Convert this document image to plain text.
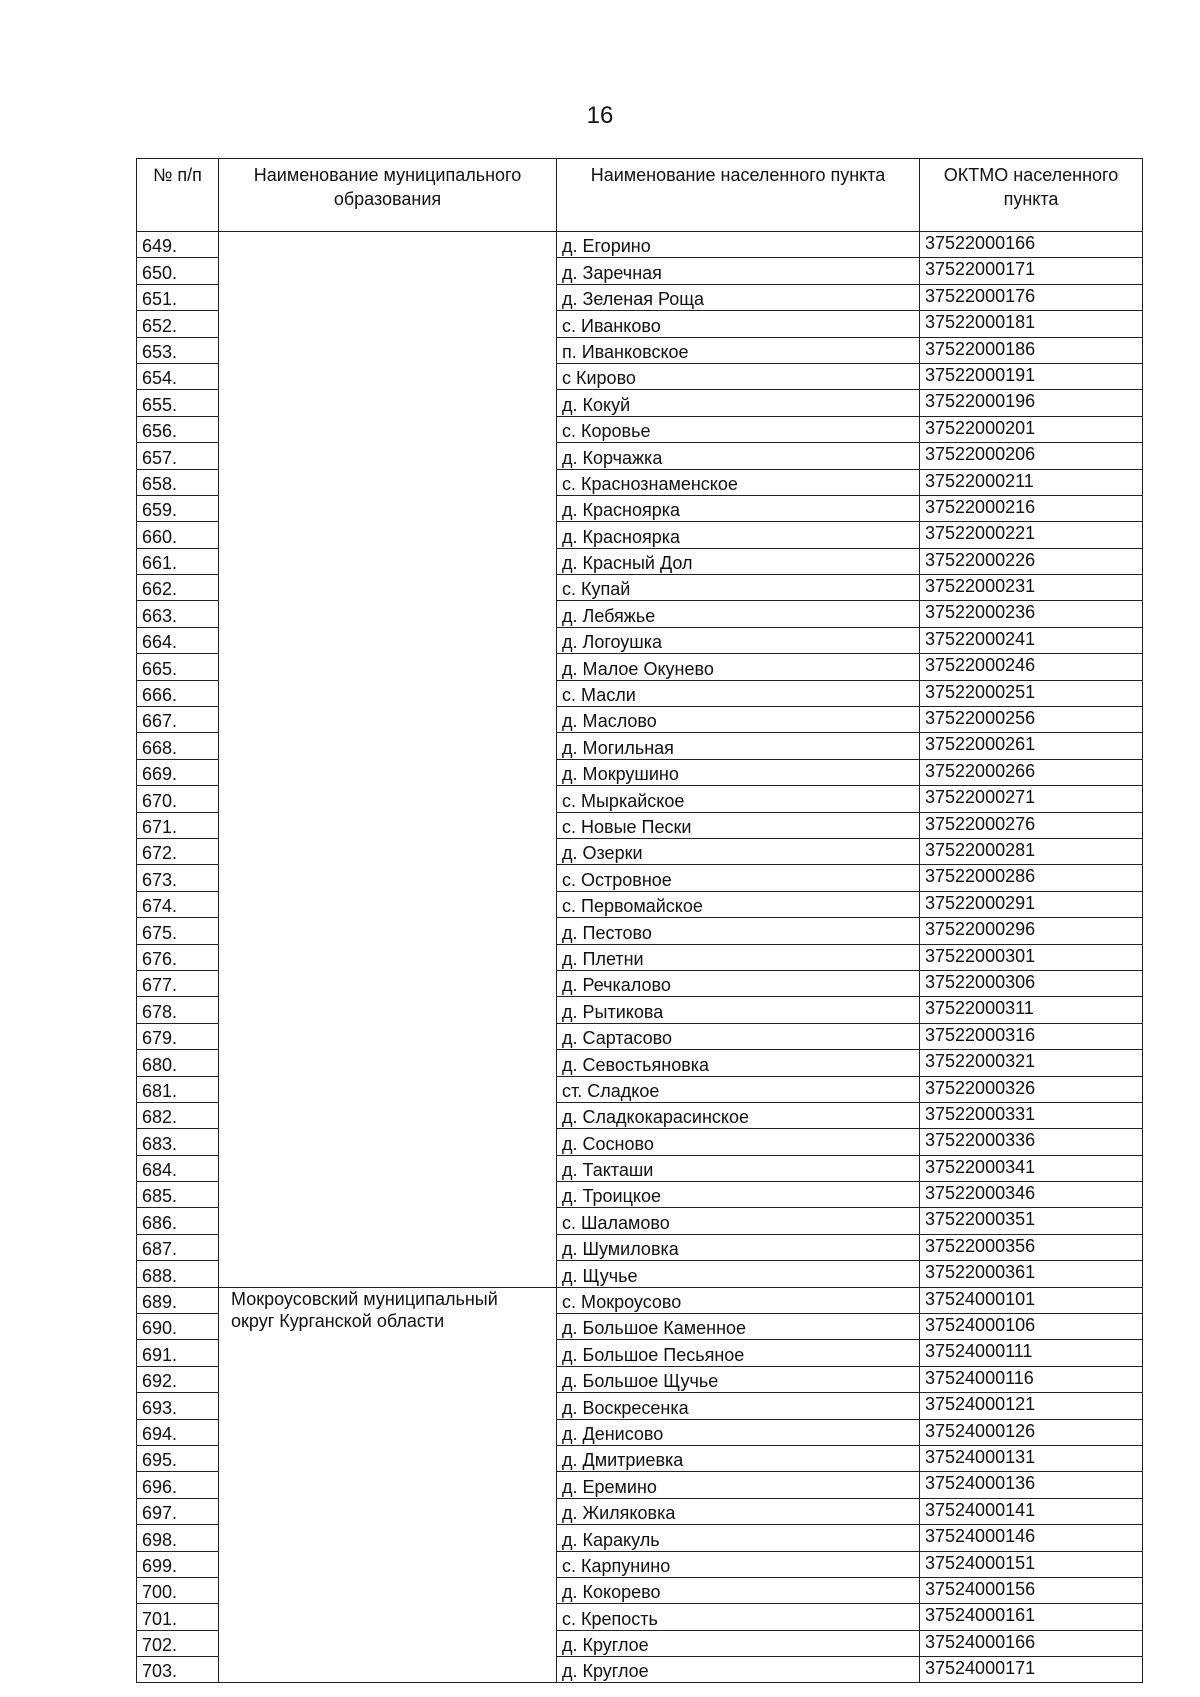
16
№ п/п	Наименование муниципального образования	Наименование населенного пункта	ОКТМО населенного пункта
649.		д. Егорино	37522000166
650.		д. Заречная	37522000171
651.		д. Зеленая Роща	37522000176
652.		с. Иванково	37522000181
653.		п. Иванковское	37522000186
654.		с Кирово	37522000191
655.		д. Кокуй	37522000196
656.		с. Коровье	37522000201
657.		д. Корчажка	37522000206
658.		с. Краснознаменское	37522000211
659.		д. Красноярка	37522000216
660.		д. Красноярка	37522000221
661.		д. Красный Дол	37522000226
662.		с. Купай	37522000231
663.		д. Лебяжье	37522000236
664.		д. Логоушка	37522000241
665.		д. Малое Окунево	37522000246
666.		с. Масли	37522000251
667.		д. Маслово	37522000256
668.		д. Могильная	37522000261
669.		д. Мокрушино	37522000266
670.		с. Мыркайское	37522000271
671.		с. Новые Пески	37522000276
672.		д. Озерки	37522000281
673.		с. Островное	37522000286
674.		с. Первомайское	37522000291
675.		д. Пестово	37522000296
676.		д. Плетни	37522000301
677.		д. Речкалово	37522000306
678.		д. Рытикова	37522000311
679.		д. Сартасово	37522000316
680.		д. Севостьяновка	37522000321
681.		ст. Сладкое	37522000326
682.		д. Сладкокарасинское	37522000331
683.		д. Сосново	37522000336
684.		д. Такташи	37522000341
685.		д. Троицкое	37522000346
686.		с. Шаламово	37522000351
687.		д. Шумиловка	37522000356
688.		д. Щучье	37522000361
689.	Мокроусовский муниципальный округ Курганской области	с. Мокроусово	37524000101
690.		д. Большое Каменное	37524000106
691.		д. Большое Песьяное	37524000111
692.		д. Большое Щучье	37524000116
693.		д. Воскресенка	37524000121
694.		д. Денисово	37524000126
695.		д. Дмитриевка	37524000131
696.		д. Еремино	37524000136
697.		д. Жиляковка	37524000141
698.		д. Каракуль	37524000146
699.		с. Карпунино	37524000151
700.		д. Кокорево	37524000156
701.		с. Крепость	37524000161
702.		д. Круглое	37524000166
703.		д. Круглое	37524000171
